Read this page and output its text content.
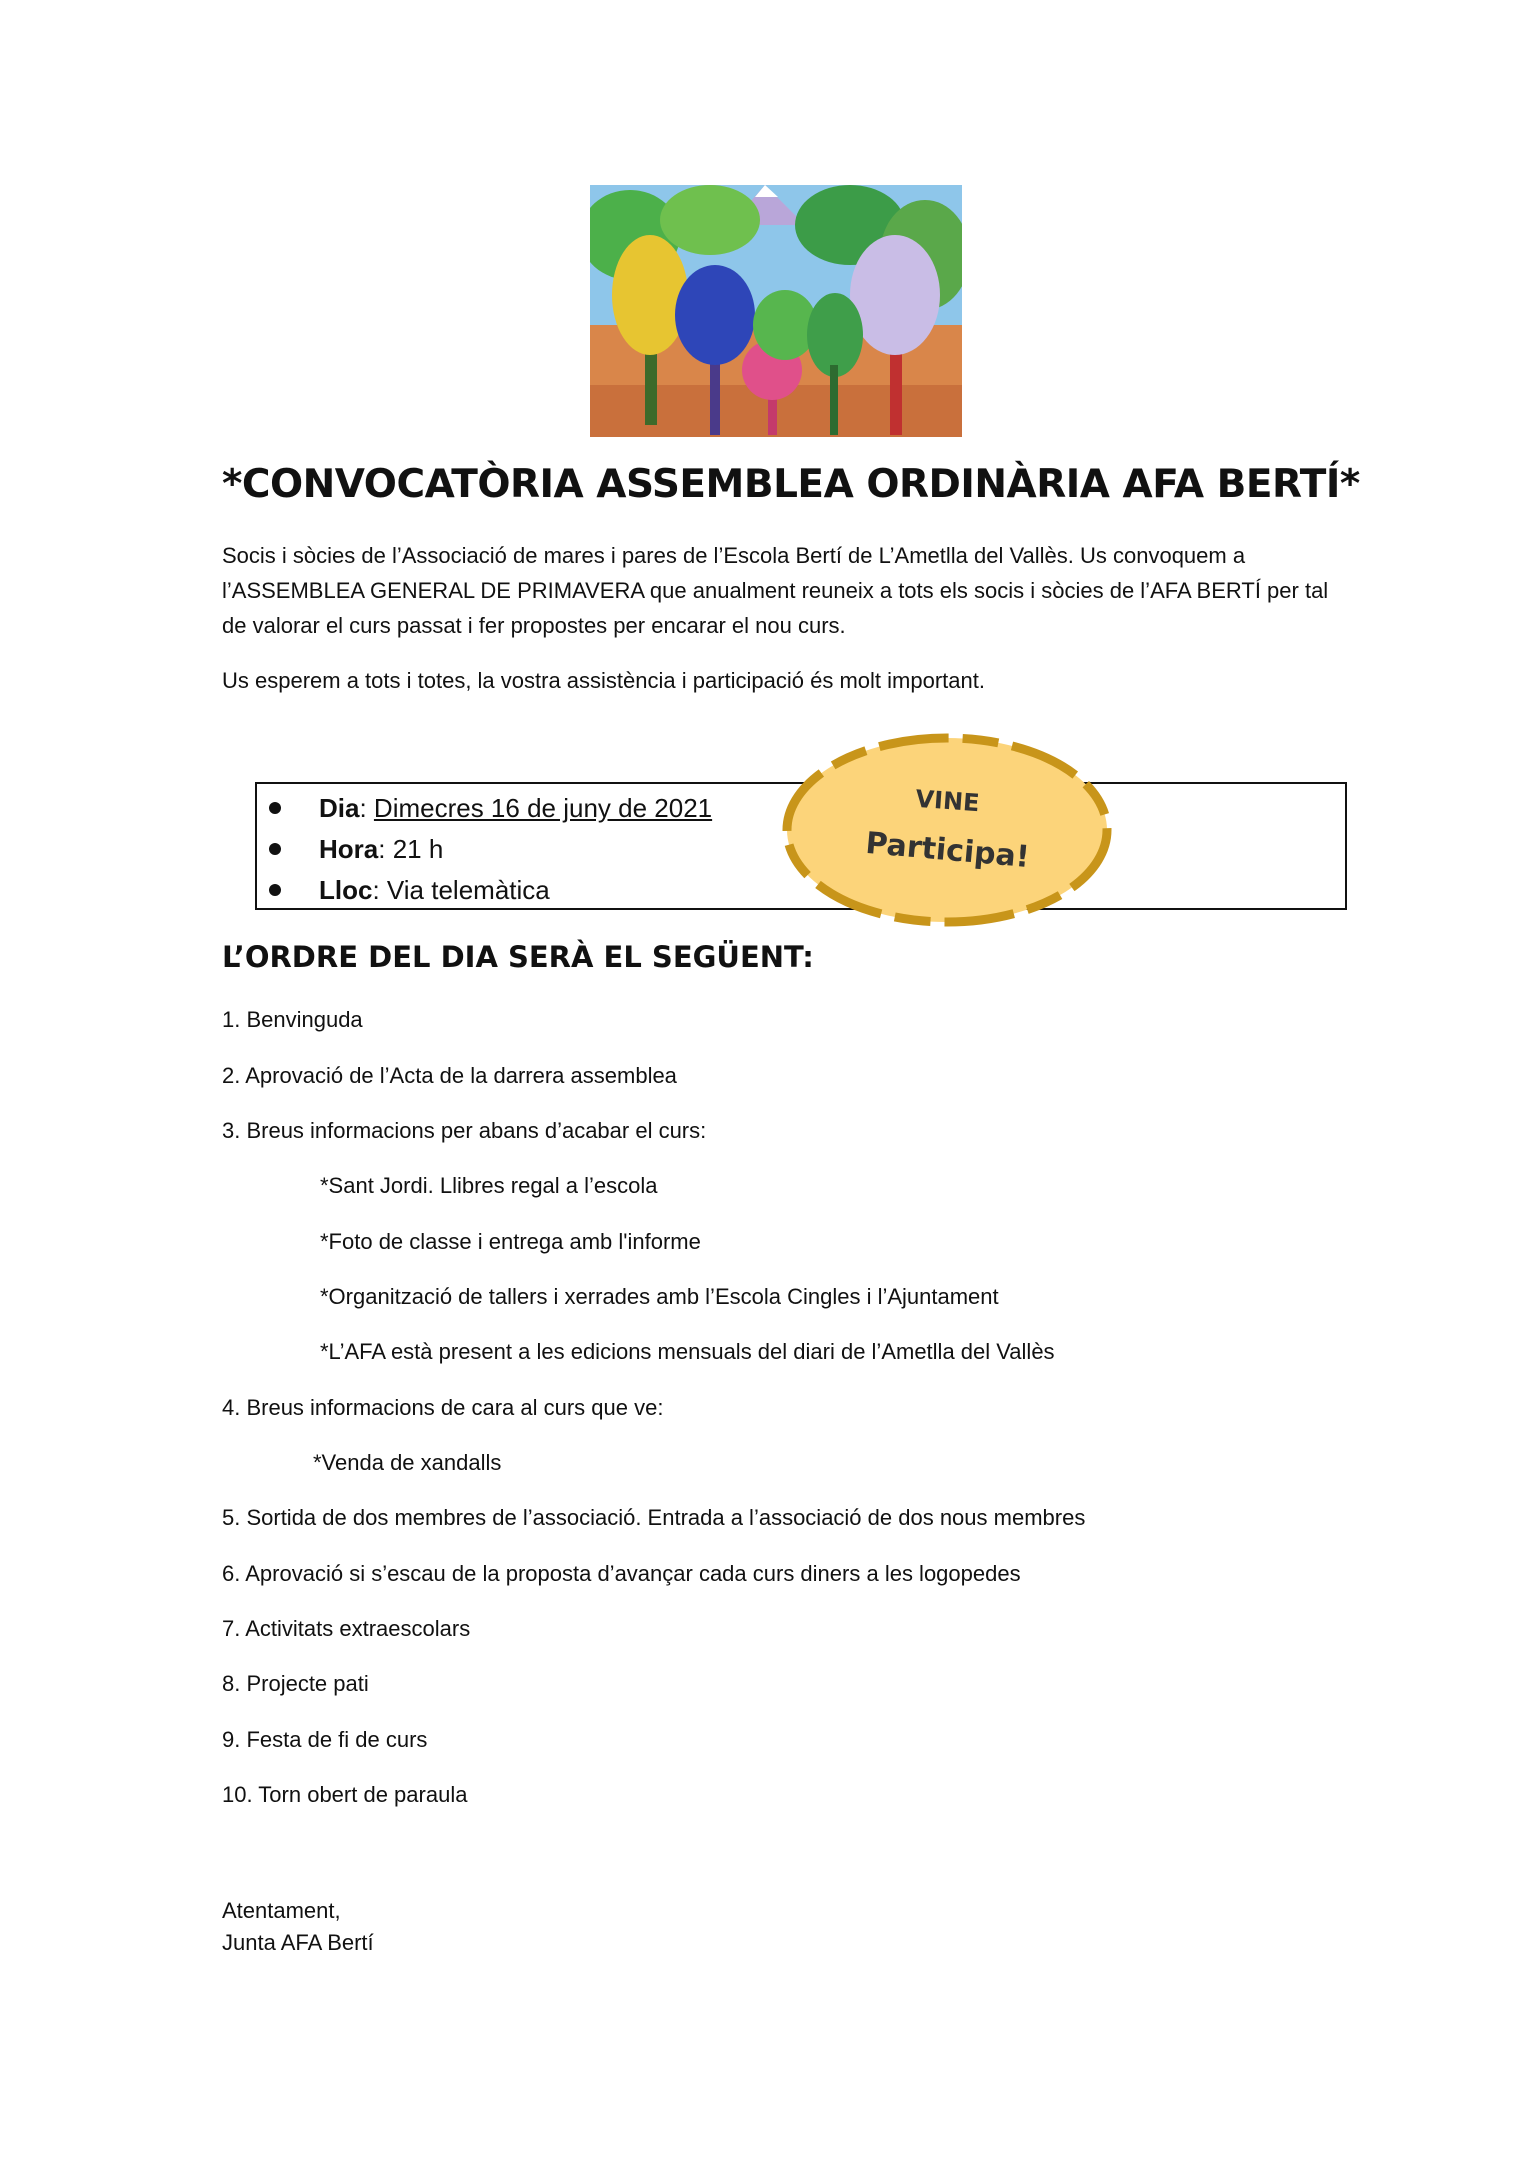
*CONVOCATÒRIA ASSEMBLEA ORDINÀRIA AFA BERTÍ*
Socis i sòcies de l’Associació de mares i pares de l’Escola Bertí de L’Ametlla del Vallès. Us convoquem a l’ASSEMBLEA GENERAL DE PRIMAVERA que anualment reuneix a tots els socis i sòcies de l’AFA BERTÍ per tal de valorar el curs passat i fer propostes per encarar el nou curs.
Us esperem a tots i totes, la vostra assistència i participació és molt important.
Dia : Dimecres 16 de juny de 2021
Hora : 21 h
Lloc : Via telemàtica
VINE
Participa!
L’ORDRE DEL DIA SERÀ EL SEGÜENT:
1. Benvinguda
2. Aprovació de l’Acta de la darrera assemblea
3. Breus informacions per abans d’acabar el curs:
*Sant Jordi. Llibres regal a l’escola
*Foto de classe i entrega amb l'informe
*Organització de tallers i xerrades amb l’Escola Cingles i l’Ajuntament
*L’AFA està present a les edicions mensuals del diari de l’Ametlla del Vallès
4. Breus informacions de cara al curs que ve:
*Venda de xandalls
5. Sortida de dos membres de l’associació. Entrada a l’associació de dos nous membres
6. Aprovació si s’escau de la proposta d’avançar cada curs diners a les logopedes
7. Activitats extraescolars
8. Projecte pati
9. Festa de fi de curs
10. Torn obert de paraula
Atentament,
Junta AFA Bertí
